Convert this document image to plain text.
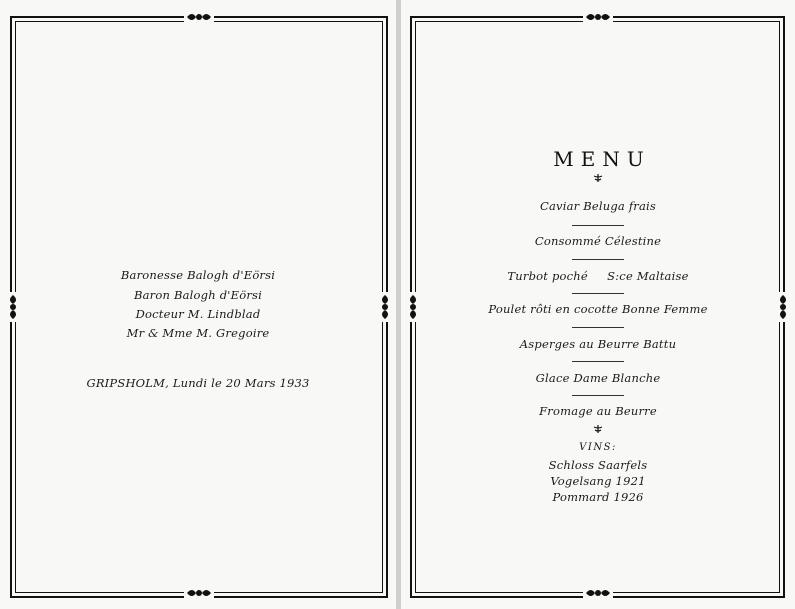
Baronesse Balogh d'Eörsi
Baron Balogh d'Eörsi
Docteur M. Lindblad
Mr & Mme M. Gregoire
GRIPSHOLM, Lundi le 20 Mars 1933
MENU
Caviar Beluga frais
Consommé Célestine
Turbot poché     S:ce Maltaise
Poulet rôti en cocotte Bonne Femme
Asperges au Beurre Battu
Glace Dame Blanche
Fromage au Beurre
VINS:
Schloss Saarfels
Vogelsang 1921
Pommard 1926
